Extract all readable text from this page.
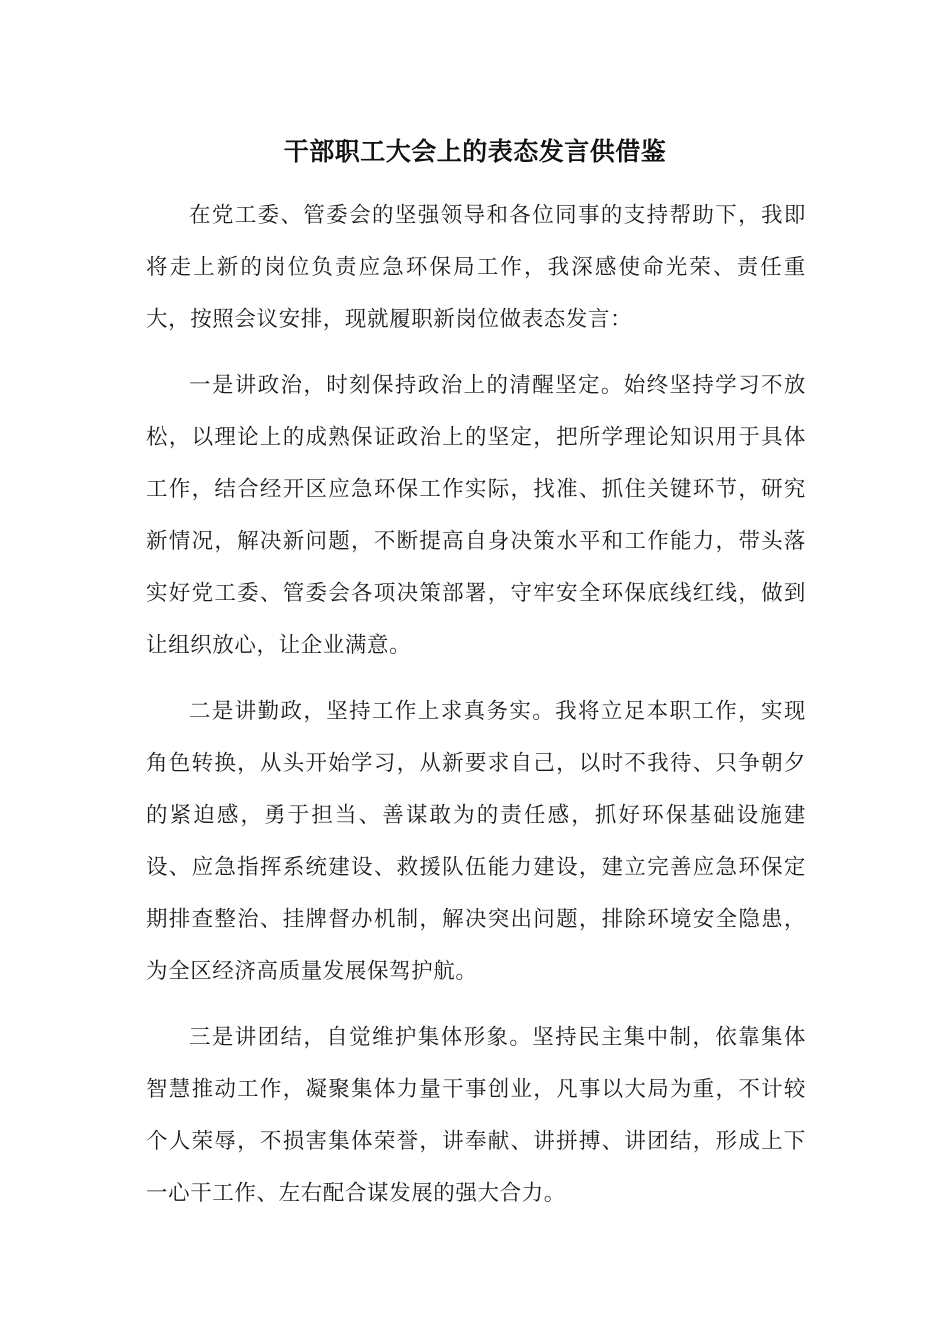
干部职工大会上的表态发言供借鉴

在党工委、管委会的坚强领导和各位同事的支持帮助下，我即将走上新的岗位负责应急环保局工作，我深感使命光荣、责任重大，按照会议安排，现就履职新岗位做表态发言：

一是讲政治，时刻保持政治上的清醒坚定。始终坚持学习不放松，以理论上的成熟保证政治上的坚定，把所学理论知识用于具体工作，结合经开区应急环保工作实际，找准、抓住关键环节，研究新情况，解决新问题，不断提高自身决策水平和工作能力，带头落实好党工委、管委会各项决策部署，守牢安全环保底线红线，做到让组织放心，让企业满意。

二是讲勤政，坚持工作上求真务实。我将立足本职工作，实现角色转换，从头开始学习，从新要求自己，以时不我待、只争朝夕的紧迫感，勇于担当、善谋敢为的责任感，抓好环保基础设施建设、应急指挥系统建设、救援队伍能力建设，建立完善应急环保定期排查整治、挂牌督办机制，解决突出问题，排除环境安全隐患，为全区经济高质量发展保驾护航。

三是讲团结，自觉维护集体形象。坚持民主集中制，依靠集体智慧推动工作，凝聚集体力量干事创业，凡事以大局为重，不计较个人荣辱，不损害集体荣誉，讲奉献、讲拼搏、讲团结，形成上下一心干工作、左右配合谋发展的强大合力。
